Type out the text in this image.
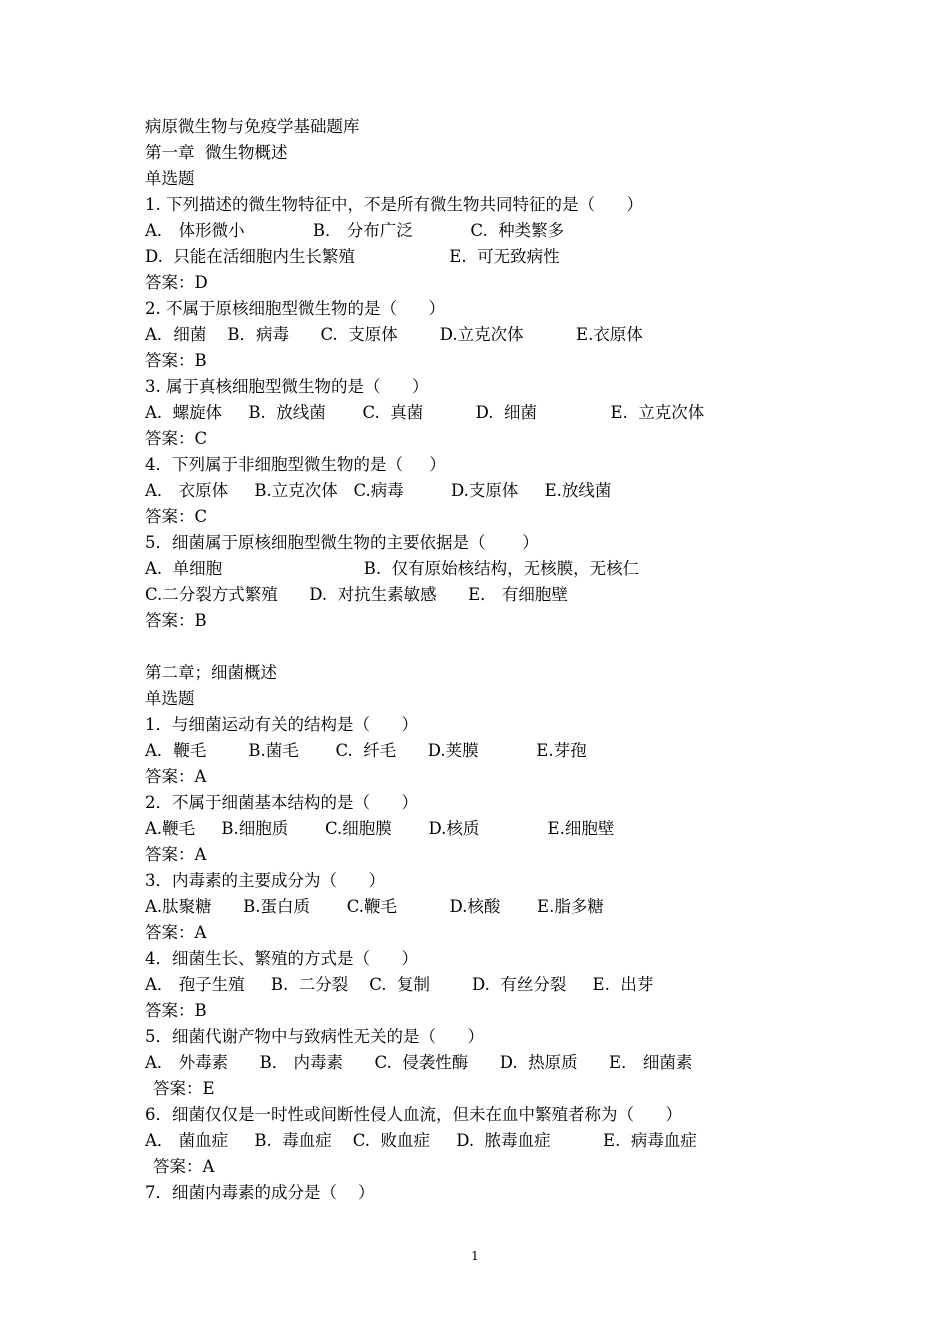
病原微生物与免疫学基础题库
第一章  微生物概述
单选题
1. 下列描述的微生物特征中，不是所有微生物共同特征的是（      ）
A． 体形微小             B． 分布广泛           C.  种类繁多
D.  只能在活细胞内生长繁殖                  E.  可无致病性
答案：D
2. 不属于原核细胞型微生物的是（      ）
A．细菌    B．病毒      C.  支原体        D.立克次体          E.衣原体
答案：B
3. 属于真核细胞型微生物的是（      ）
A.  螺旋体     B.  放线菌       C.  真菌          D.  细菌              E.  立克次体
答案：C
4．下列属于非细胞型微生物的是（     ）
A． 衣原体     B.立克次体   C.病毒         D.支原体     E.放线菌
答案：C
5．细菌属于原核细胞型微生物的主要依据是（       ）
A.  单细胞                           B.  仅有原始核结构，无核膜，无核仁
C.二分裂方式繁殖      D.  对抗生素敏感      E． 有细胞壁
答案：B
第二章；细菌概述
单选题
1．与细菌运动有关的结构是（      ）
A．鞭毛        B.菌毛       C.  纤毛      D.荚膜           E.芽孢
答案：A
2．不属于细菌基本结构的是（      ）
A.鞭毛     B.细胞质       C.细胞膜       D.核质             E.细胞壁
答案：A
3．内毒素的主要成分为（      ）
A.肽聚糖      B.蛋白质       C.鞭毛          D.核酸       E.脂多糖
答案：A
4．细菌生长、繁殖的方式是（      ）
A． 孢子生殖     B.  二分裂    C.  复制        D.  有丝分裂     E.  出芽
答案：B
5．细菌代谢产物中与致病性无关的是（      ）
A． 外毒素      B． 内毒素      C.  侵袭性酶      D.  热原质      E． 细菌素
答案：E
6．细菌仅仅是一时性或间断性侵人血流，但未在血中繁殖者称为（      ）
A． 菌血症     B.  毒血症    C.  败血症     D.  脓毒血症          E.  病毒血症
答案：A
7．细菌内毒素的成分是（    ）
1
